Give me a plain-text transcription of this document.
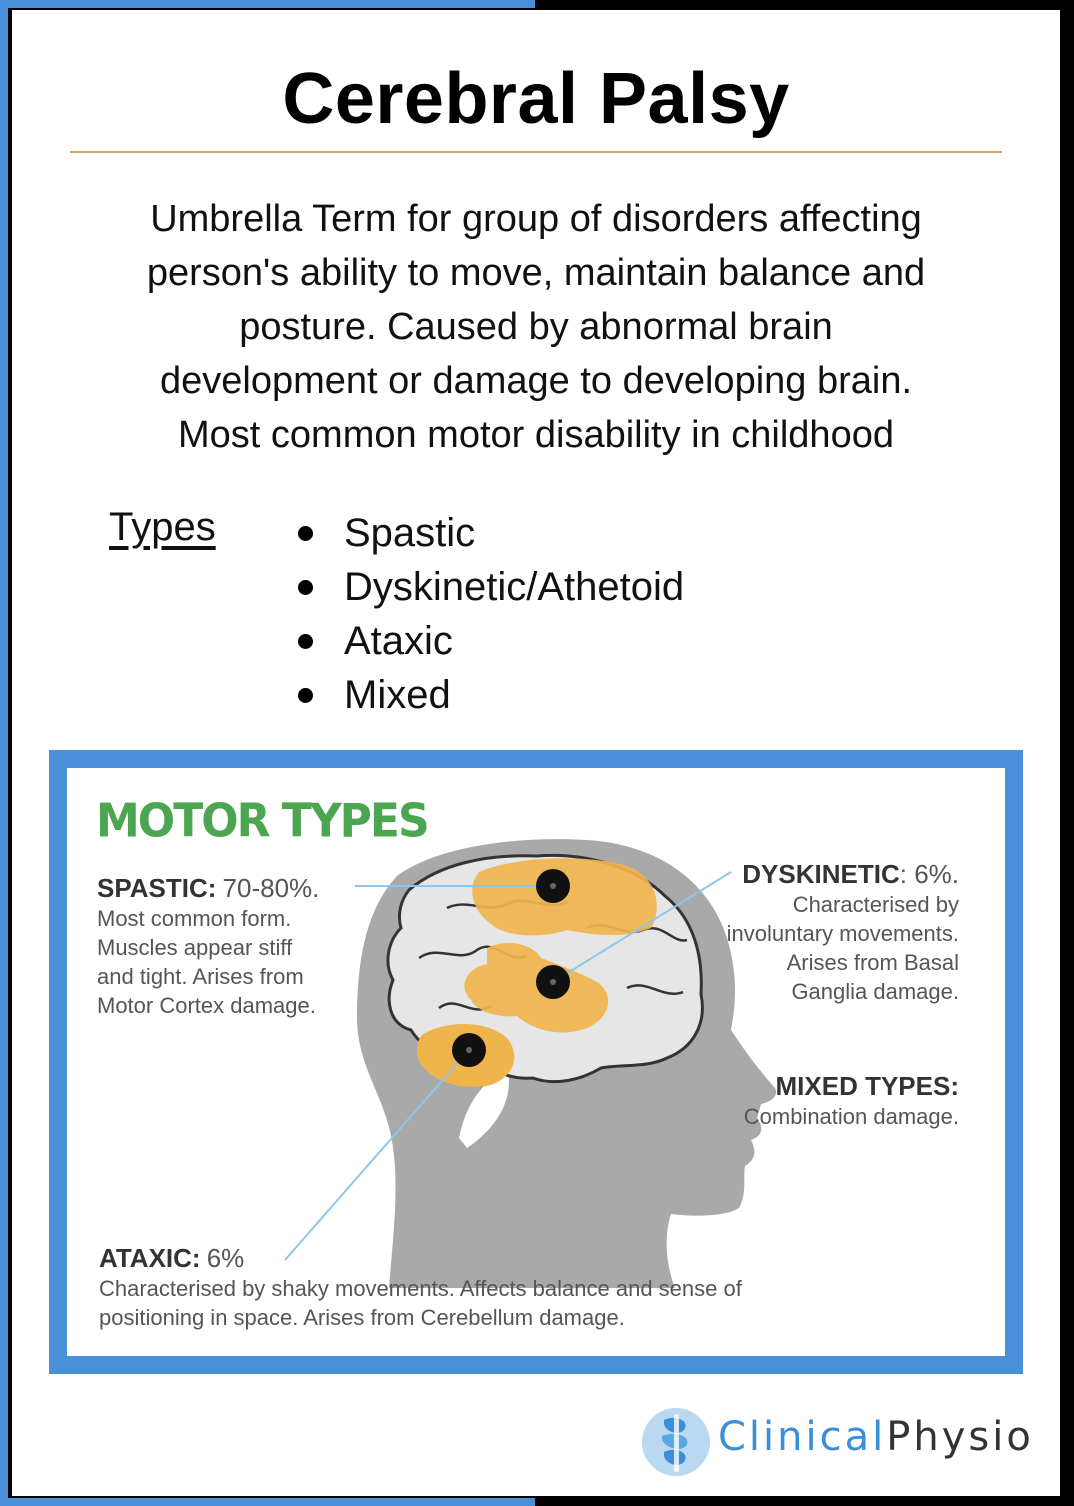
Cerebral Palsy

Umbrella Term for group of disorders affecting
person's ability to move, maintain balance and
posture. Caused by abnormal brain
development or damage to developing brain.
Most common motor disability in childhood

Types	Spastic
Dyskinetic/Athetoid
Ataxic
Mixed
MOTOR TYPES
SPASTIC: 70-80%.
Most common form.
Muscles appear stiff
and tight. Arises from
Motor Cortex damage.
DYSKINETIC: 6%.
Characterised by
involuntary movements.
Arises from Basal
Ganglia damage.
MIXED TYPES:
Combination damage.
ATAXIC: 6%
Characterised by shaky movements. Affects balance and sense of
positioning in space. Arises from Cerebellum damage.
ClinicalPhysio
